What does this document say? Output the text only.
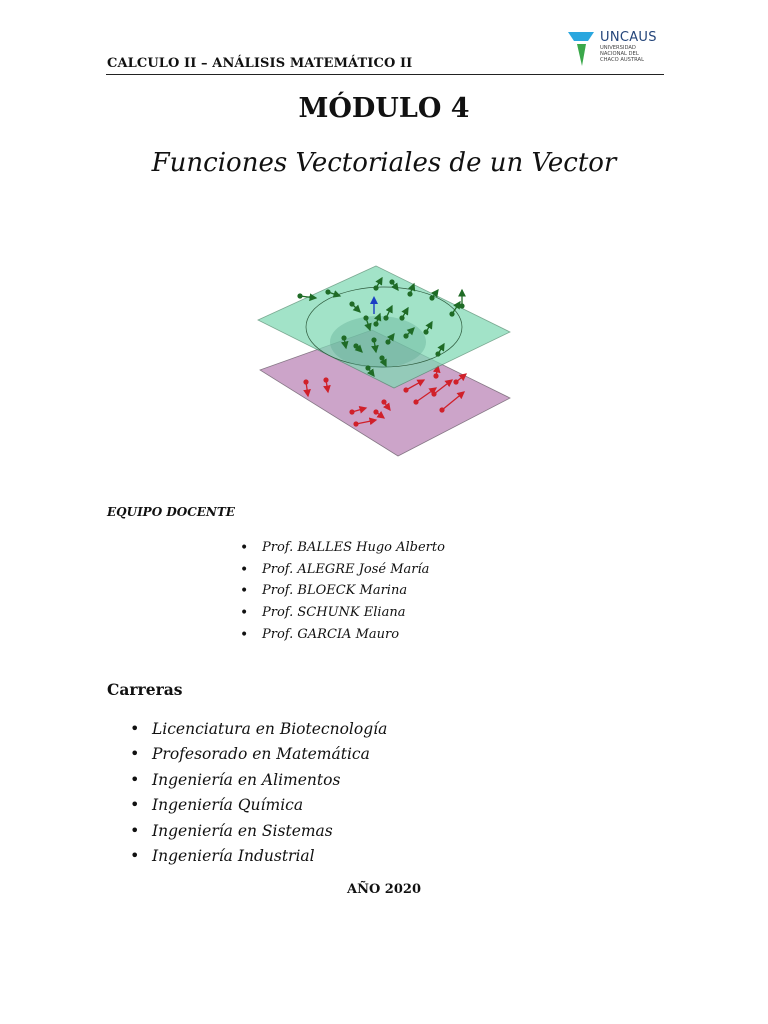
CALCULO II – ANÁLISIS MATEMÁTICO II
UNCAUS
UNIVERSIDAD
NACIONAL DEL
CHACO AUSTRAL
MÓDULO 4
Funciones Vectoriales de un Vector
EQUIPO DOCENTE
• Prof. BALLES Hugo Alberto
• Prof. ALEGRE José María
• Prof. BLOECK Marina
• Prof. SCHUNK Eliana
• Prof. GARCIA Mauro
Carreras
• Licenciatura en Biotecnología
• Profesorado en Matemática
• Ingeniería en Alimentos
• Ingeniería Química
• Ingeniería en Sistemas
• Ingeniería Industrial
AÑO 2020
